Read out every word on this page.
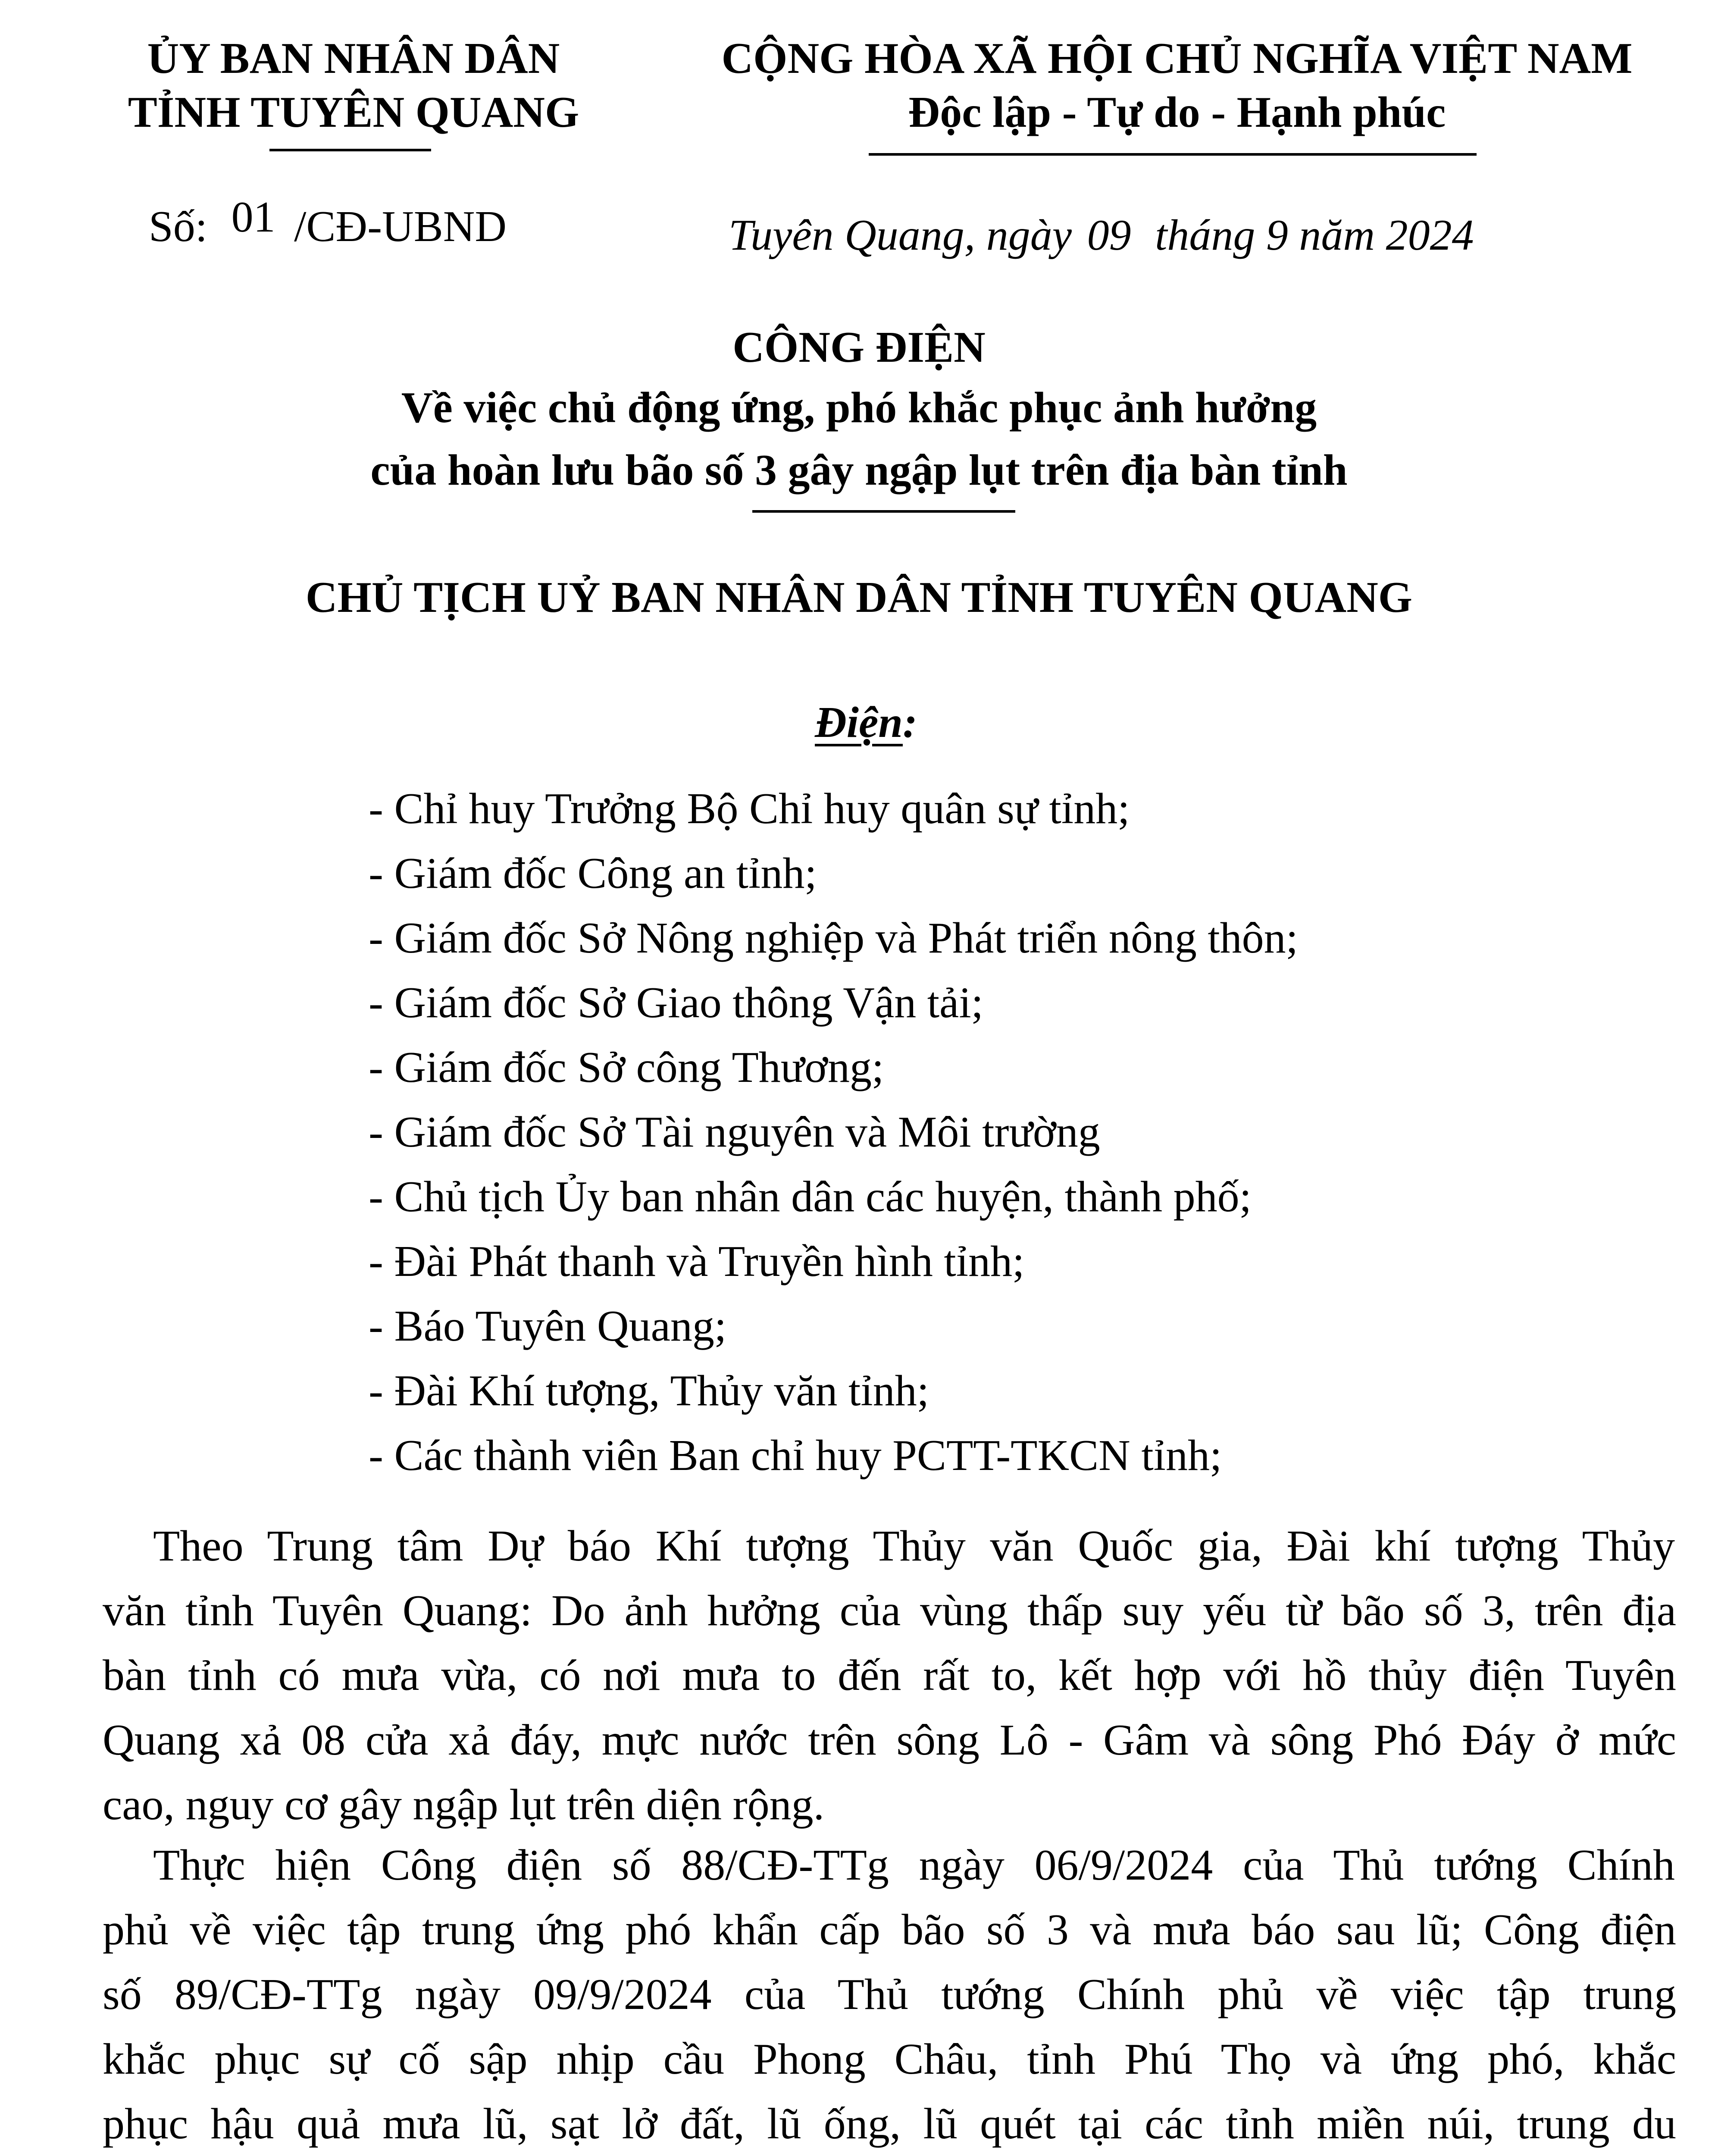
ỦY BAN NHÂN DÂN
TỈNH TUYÊN QUANG
CỘNG HÒA XÃ HỘI CHỦ NGHĨA VIỆT NAM
Độc lập - Tự do - Hạnh phúc
Số: 01 /CĐ-UBND	Tuyên Quang, ngày 09 tháng 9 năm 2024
CÔNG ĐIỆN
Về việc chủ động ứng, phó khắc phục ảnh hưởng
của hoàn lưu bão số 3 gây ngập lụt trên địa bàn tỉnh
CHỦ TỊCH UỶ BAN NHÂN DÂN TỈNH TUYÊN QUANG
Điện:
- Chỉ huy Trưởng Bộ Chỉ huy quân sự tỉnh;
- Giám đốc Công an tỉnh;
- Giám đốc Sở Nông nghiệp và Phát triển nông thôn;
- Giám đốc Sở Giao thông Vận tải;
- Giám đốc Sở công Thương;
- Giám đốc Sở Tài nguyên và Môi trường
- Chủ tịch Ủy ban nhân dân các huyện, thành phố;
- Đài Phát thanh và Truyền hình tỉnh;
- Báo Tuyên Quang;
- Đài Khí tượng, Thủy văn tỉnh;
- Các thành viên Ban chỉ huy PCTT-TKCN tỉnh;
Theo Trung tâm Dự báo Khí tượng Thủy văn Quốc gia, Đài khí tượng Thủy
văn tỉnh Tuyên Quang: Do ảnh hưởng của vùng thấp suy yếu từ bão số 3, trên địa
bàn tỉnh có mưa vừa, có nơi mưa to đến rất to, kết hợp với hồ thủy điện Tuyên
Quang xả 08 cửa xả đáy, mực nước trên sông Lô - Gâm và sông Phó Đáy ở mức
cao, nguy cơ gây ngập lụt trên diện rộng.
Thực hiện Công điện số 88/CĐ-TTg ngày 06/9/2024 của Thủ tướng Chính
phủ về việc tập trung ứng phó khẩn cấp bão số 3 và mưa báo sau lũ; Công điện
số 89/CĐ-TTg ngày 09/9/2024 của Thủ tướng Chính phủ về việc tập trung
khắc phục sự cố sập nhịp cầu Phong Châu, tỉnh Phú Thọ và ứng phó, khắc
phục hậu quả mưa lũ, sạt lở đất, lũ ống, lũ quét tại các tỉnh miền núi, trung du
